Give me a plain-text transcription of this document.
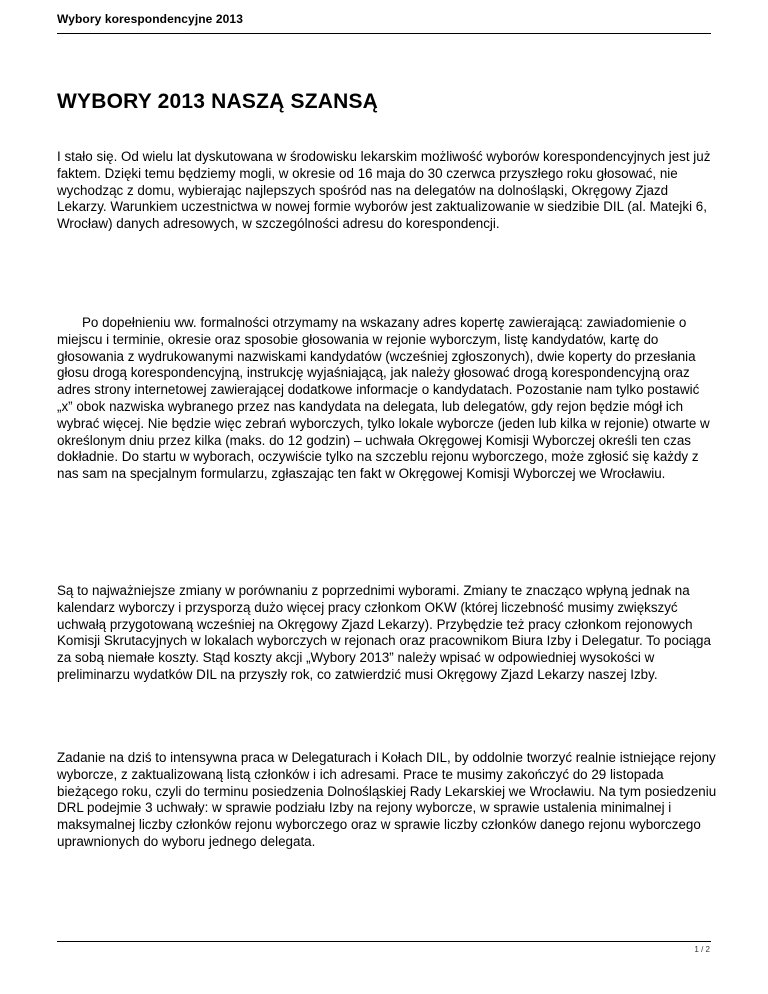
Wybory korespondencyjne 2013
WYBORY 2013 NASZĄ SZANSĄ

I stało się. Od wielu lat dyskutowana w środowisku lekarskim możliwość wyborów korespondencyjnych jest już faktem. Dzięki temu będziemy mogli, w okresie od 16 maja do 30 czerwca przyszłego roku głosować, nie wychodząc z domu, wybierając najlepszych spośród nas na delegatów na dolnośląski, Okręgowy Zjazd Lekarzy. Warunkiem uczestnictwa w nowej formie wyborów jest zaktualizowanie w siedzibie DIL (al. Matejki 6, Wrocław) danych adresowych, w szczególności adresu do korespondencji.

Po dopełnieniu ww. formalności otrzymamy na wskazany adres kopertę zawierającą: zawiadomienie o miejscu i terminie, okresie oraz sposobie głosowania w rejonie wyborczym, listę kandydatów, kartę do głosowania z wydrukowanymi nazwiskami kandydatów (wcześniej zgłoszonych), dwie koperty do przesłania głosu drogą korespondencyjną, instrukcję wyjaśniającą, jak należy głosować drogą korespondencyjną oraz adres strony internetowej zawierającej dodatkowe informacje o kandydatach. Pozostanie nam tylko postawić „x” obok nazwiska wybranego przez nas kandydata na delegata, lub delegatów, gdy rejon będzie mógł ich wybrać więcej. Nie będzie więc zebrań wyborczych, tylko lokale wyborcze (jeden lub kilka w rejonie) otwarte w określonym dniu przez kilka (maks. do 12 godzin) – uchwała Okręgowej Komisji Wyborczej określi ten czas dokładnie. Do startu w wyborach, oczywiście tylko na szczeblu rejonu wyborczego, może zgłosić się każdy z nas sam na specjalnym formularzu, zgłaszając ten fakt w Okręgowej Komisji Wyborczej we Wrocławiu.

Są to najważniejsze zmiany w porównaniu z poprzednimi wyborami. Zmiany te znacząco wpłyną jednak na kalendarz wyborczy i przysporzą dużo więcej pracy członkom OKW (której liczebność musimy zwiększyć uchwałą przygotowaną wcześniej na Okręgowy Zjazd Lekarzy). Przybędzie też pracy członkom rejonowych Komisji Skrutacyjnych w lokalach wyborczych w rejonach oraz pracownikom Biura Izby i Delegatur. To pociąga za sobą niemałe koszty. Stąd koszty akcji „Wybory 2013” należy wpisać w odpowiedniej wysokości w preliminarzu wydatków DIL na przyszły rok, co zatwierdzić musi Okręgowy Zjazd Lekarzy naszej Izby.

Zadanie na dziś to intensywna praca w Delegaturach i Kołach DIL, by oddolnie tworzyć realnie istniejące rejony wyborcze, z zaktualizowaną listą członków i ich adresami. Prace te musimy zakończyć do 29 listopada bieżącego roku, czyli do terminu posiedzenia Dolnośląskiej Rady Lekarskiej we Wrocławiu. Na tym posiedzeniu DRL podejmie 3 uchwały: w sprawie podziału Izby na rejony wyborcze, w sprawie ustalenia minimalnej i maksymalnej liczby członków rejonu wyborczego oraz w sprawie liczby członków danego rejonu wyborczego uprawnionych do wyboru jednego delegata.

1 / 2
